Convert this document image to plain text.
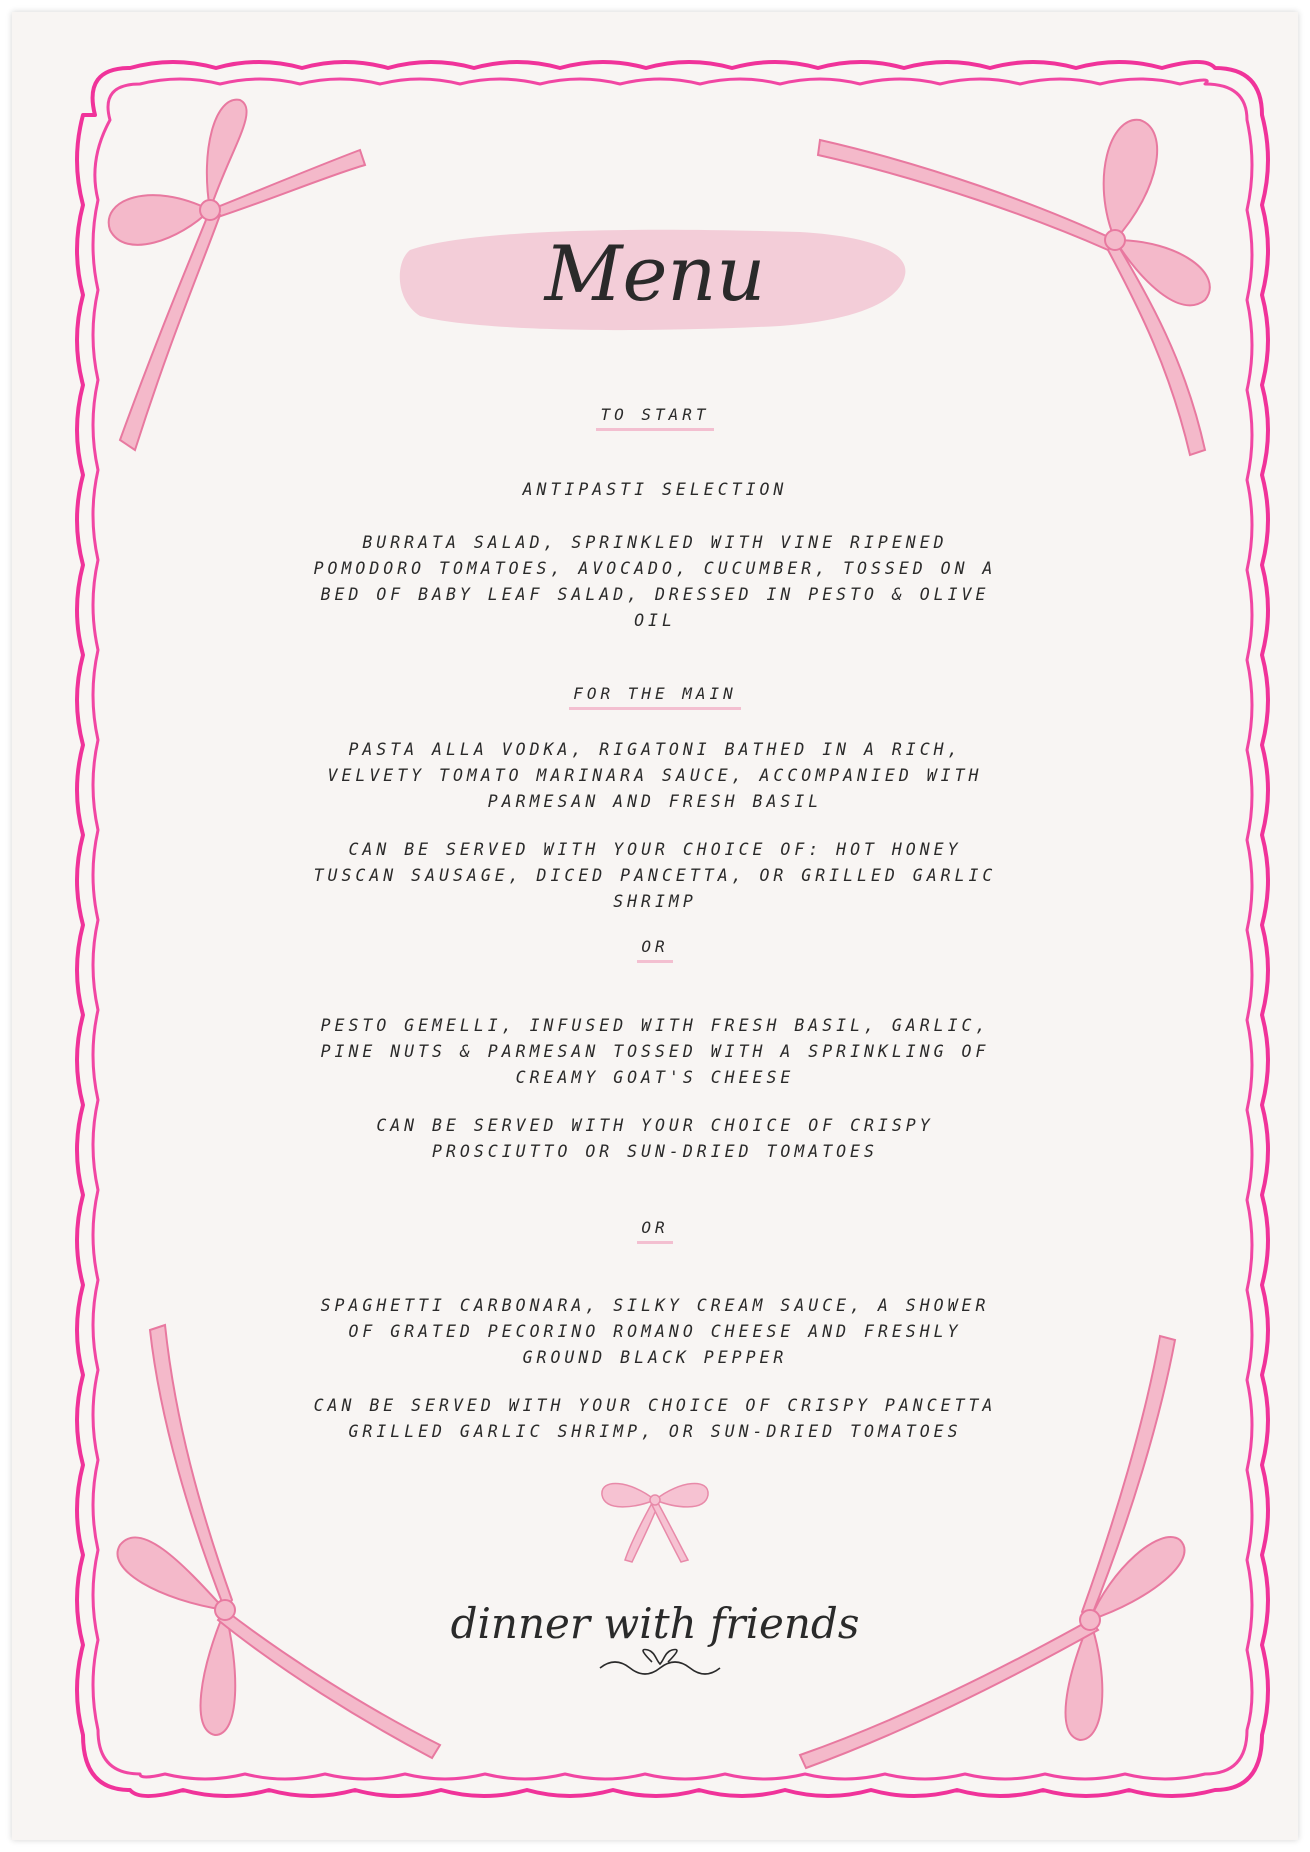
Menu
TO START
ANTIPASTI SELECTION
BURRATA SALAD, SPRINKLED WITH VINE RIPENED POMODORO TOMATOES, AVOCADO, CUCUMBER, TOSSED ON A BED OF BABY LEAF SALAD, DRESSED IN PESTO & OLIVE OIL
FOR THE MAIN
PASTA ALLA VODKA, RIGATONI BATHED IN A RICH, VELVETY TOMATO MARINARA SAUCE, ACCOMPANIED WITH PARMESAN AND FRESH BASIL
CAN BE SERVED WITH YOUR CHOICE OF: HOT HONEY TUSCAN SAUSAGE, DICED PANCETTA, OR GRILLED GARLIC SHRIMP
OR
PESTO GEMELLI, INFUSED WITH FRESH BASIL, GARLIC, PINE NUTS & PARMESAN TOSSED WITH A SPRINKLING OF CREAMY GOAT'S CHEESE
CAN BE SERVED WITH YOUR CHOICE OF CRISPY PROSCIUTTO OR SUN-DRIED TOMATOES
OR
SPAGHETTI CARBONARA, SILKY CREAM SAUCE, A SHOWER OF GRATED PECORINO ROMANO CHEESE AND FRESHLY GROUND BLACK PEPPER
CAN BE SERVED WITH YOUR CHOICE OF CRISPY PANCETTA GRILLED GARLIC SHRIMP, OR SUN-DRIED TOMATOES
dinner with friends
